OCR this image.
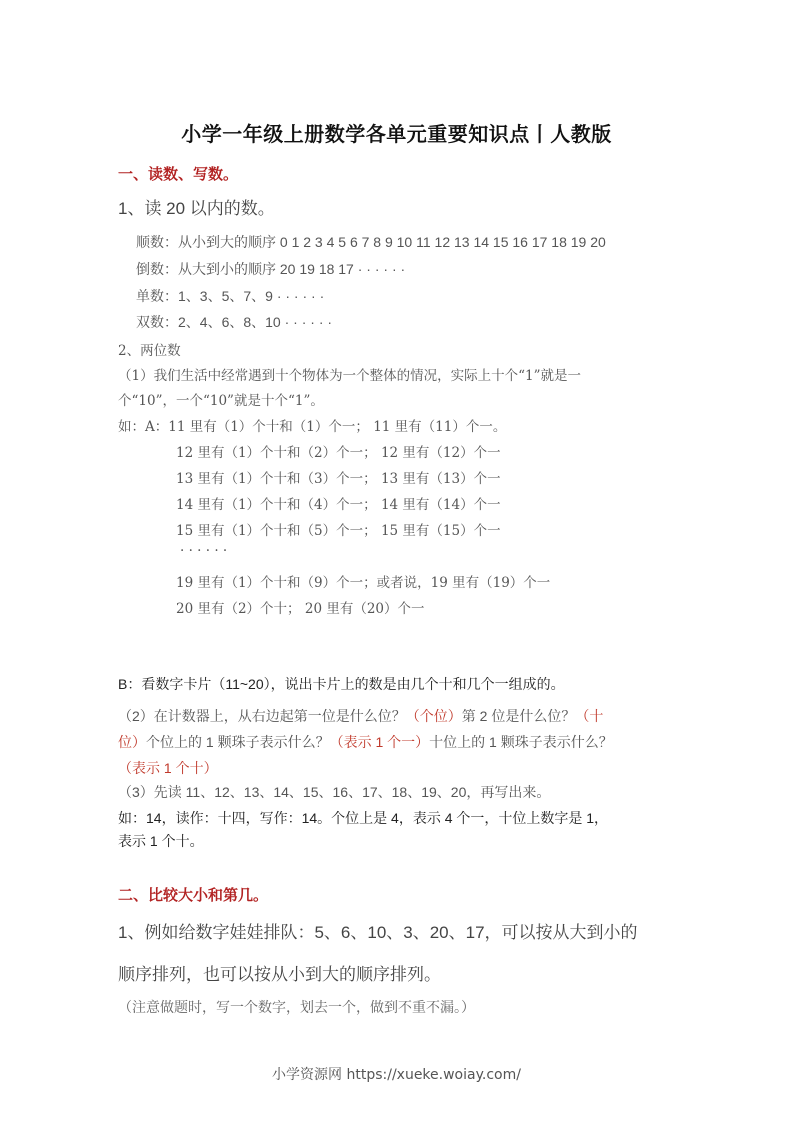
小学一年级上册数学各单元重要知识点丨人教版
一、读数、写数。
1、读 20 以内的数。
顺数：从小到大的顺序 0 1 2 3 4 5 6 7 8 9 10 11 12 13 14 15 16 17 18 19 20
倒数：从大到小的顺序 20 19 18 17 · · · · · ·
单数：1、3、5、7、9 · · · · · ·
双数：2、4、6、8、10 · · · · · ·
2、两位数
（1）我们生活中经常遇到十个物体为一个整体的情况，实际上十个“1”就是一
个“10”，一个“10”就是十个“1”。
如：A：11 里有（1）个十和（1）个一； 11 里有（11）个一。
12 里有（1）个十和（2）个一； 12 里有（12）个一
13 里有（1）个十和（3）个一； 13 里有（13）个一
14 里有（1）个十和（4）个一； 14 里有（14）个一
15 里有（1）个十和（5）个一； 15 里有（15）个一
· · · · · ·
19 里有（1）个十和（9）个一；或者说，19 里有（19）个一
20 里有（2）个十； 20 里有（20）个一
B：看数字卡片（11~20），说出卡片上的数是由几个十和几个一组成的。
（2）在计数器上，从右边起第一位是什么位？（个位）第 2 位是什么位？（十
位）个位上的 1 颗珠子表示什么？（表示 1 个一）十位上的 1 颗珠子表示什么？
（表示 1 个十）
（3）先读 11、12、13、14、15、16、17、18、19、20，再写出来。
如：14，读作：十四，写作：14。个位上是 4，表示 4 个一，十位上数字是 1，
表示 1 个十。
二、比较大小和第几。
1、例如给数字娃娃排队：5、6、10、3、20、17，可以按从大到小的
顺序排列，也可以按从小到大的顺序排列。
（注意做题时，写一个数字，划去一个，做到不重不漏。）
小学资源网 https://xueke.woiay.com/
